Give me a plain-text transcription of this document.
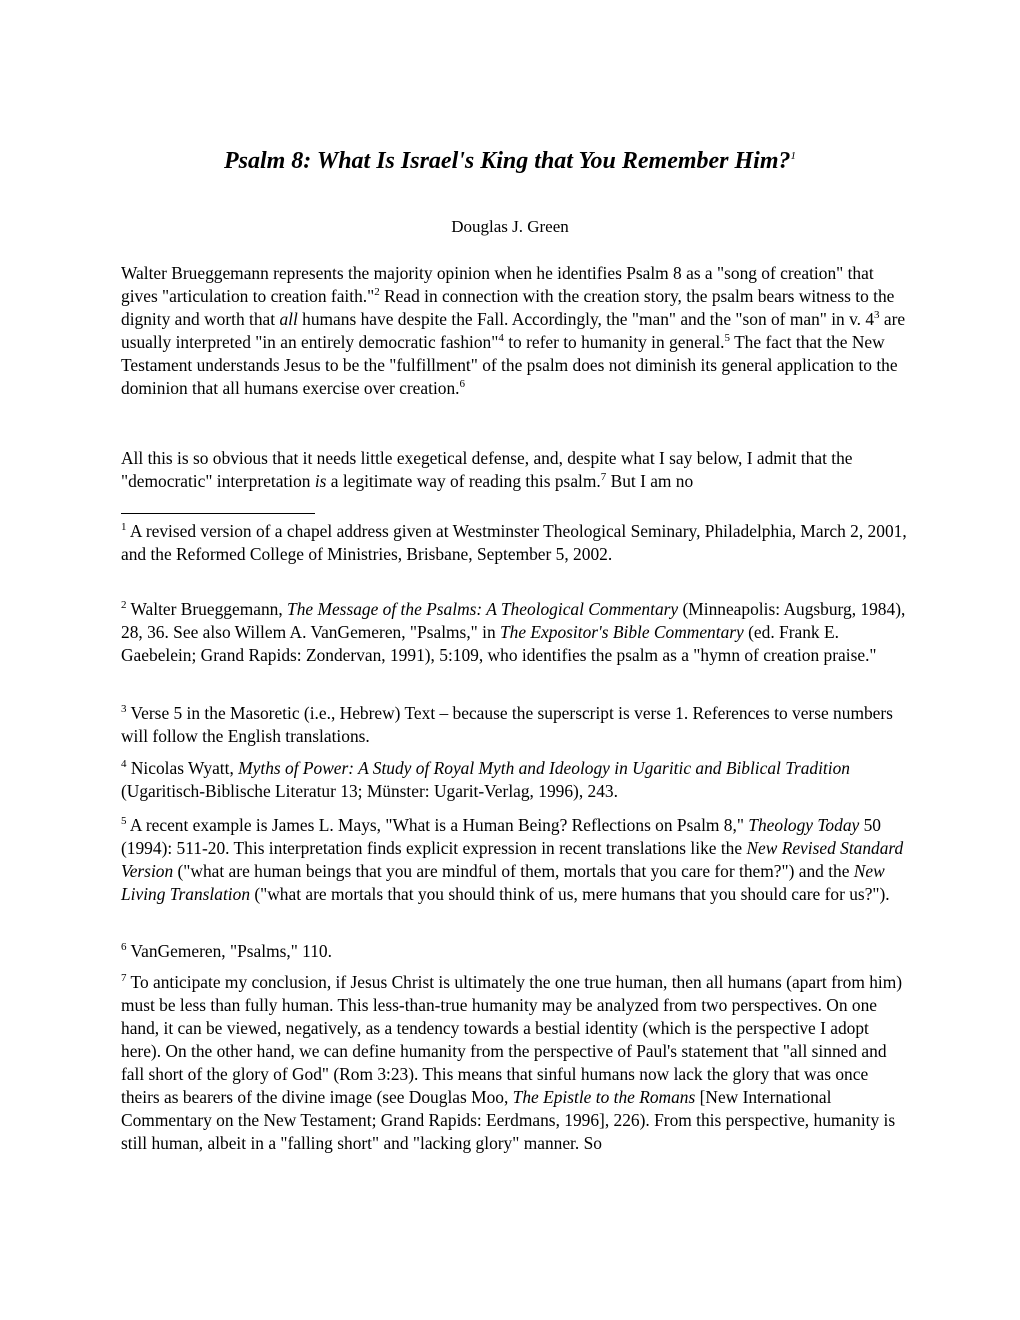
Psalm 8: What Is Israel's King that You Remember Him?$^1$

Douglas J. Green

Walter Brueggemann represents the majority opinion when he identifies Psalm 8 as a "song of creation" that gives "articulation to creation faith."$^2$ Read in connection with the creation story, the psalm bears witness to the dignity and worth that all humans have despite the Fall. Accordingly, the "man" and the "son of man" in v. $4^3$ are usually interpreted "in an entirely democratic fashion"$^4$ to refer to humanity in general.$^5$ The fact that the New Testament understands Jesus to be the "fulfillment" of the psalm does not diminish its general application to the dominion that all humans exercise over creation.$^6$

All this is so obvious that it needs little exegetical defense, and, despite what I say below, I admit that the "democratic" interpretation is a legitimate way of reading this psalm.$^7$ But I am no

$^1$ A revised version of a chapel address given at Westminster Theological Seminary, Philadelphia, March 2, 2001, and the Reformed College of Ministries, Brisbane, September 5, 2002.

$^2$ Walter Brueggemann, The Message of the Psalms: A Theological Commentary (Minneapolis: Augsburg, 1984), 28, 36. See also Willem A. VanGemeren, "Psalms," in The Expositor's Bible Commentary (ed. Frank E. Gaebelein; Grand Rapids: Zondervan, 1991), 5:109, who identifies the psalm as a "hymn of creation praise."

$^3$ Verse 5 in the Masoretic (i.e., Hebrew) Text – because the superscript is verse 1. References to verse numbers will follow the English translations.

$^4$ Nicolas Wyatt, Myths of Power: A Study of Royal Myth and Ideology in Ugaritic and Biblical Tradition (Ugaritisch-Biblische Literatur 13; Münster: Ugarit-Verlag, 1996), 243.

$^5$ A recent example is James L. Mays, "What is a Human Being? Reflections on Psalm 8," Theology Today 50 (1994): 511-20. This interpretation finds explicit expression in recent translations like the New Revised Standard Version ("what are human beings that you are mindful of them, mortals that you care for them?") and the New Living Translation ("what are mortals that you should think of us, mere humans that you should care for us?").

$^6$ VanGemeren, "Psalms," 110.

$^7$ To anticipate my conclusion, if Jesus Christ is ultimately the one true human, then all humans (apart from him) must be less than fully human. This less-than-true humanity may be analyzed from two perspectives. On one hand, it can be viewed, negatively, as a tendency towards a bestial identity (which is the perspective I adopt here). On the other hand, we can define humanity from the perspective of Paul's statement that "all sinned and fall short of the glory of God" (Rom 3:23). This means that sinful humans now lack the glory that was once theirs as bearers of the divine image (see Douglas Moo, The Epistle to the Romans [New International Commentary on the New Testament; Grand Rapids: Eerdmans, 1996], 226). From this perspective, humanity is still human, albeit in a "falling short" and "lacking glory" manner. So
